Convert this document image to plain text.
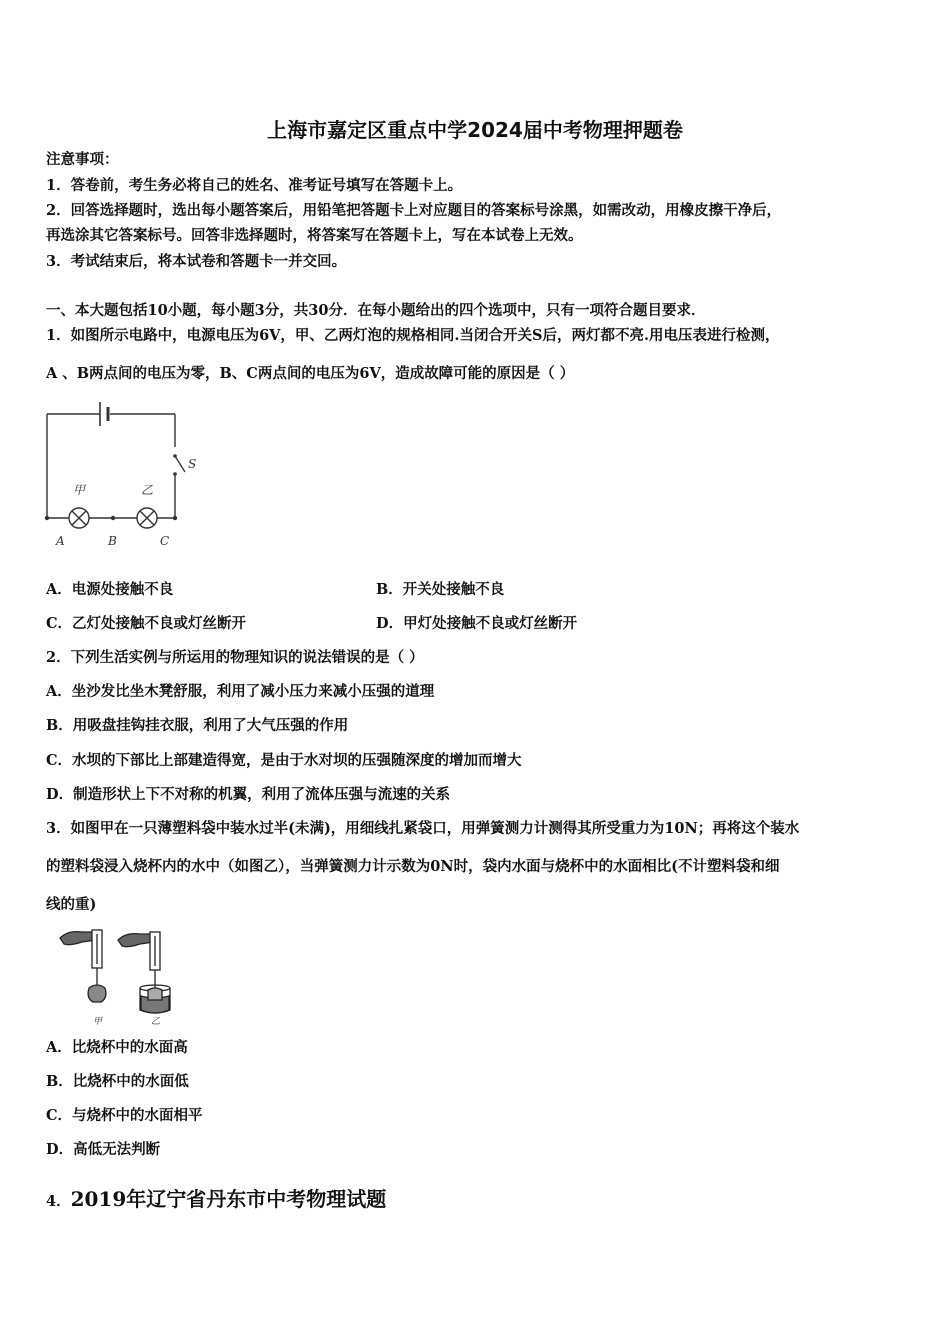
上海市嘉定区重点中学2024届中考物理押题卷
注意事项：
1．答卷前，考生务必将自己的姓名、准考证号填写在答题卡上。
2．回答选择题时，选出每小题答案后，用铅笔把答题卡上对应题目的答案标号涂黑，如需改动，用橡皮擦干净后，
再选涂其它答案标号。回答非选择题时，将答案写在答题卡上，写在本试卷上无效。
3．考试结束后，将本试卷和答题卡一并交回。
一、本大题包括10小题，每小题3分，共30分．在每小题给出的四个选项中，只有一项符合题目要求．
1．如图所示电路中，电源电压为6V，甲、乙两灯泡的规格相同.当闭合开关S后，两灯都不亮.用电压表进行检测，
A 、B两点间的电压为零，B、C两点间的电压为6V，造成故障可能的原因是（ ）
S
甲	乙
A	B	C
A．电源处接触不良	B．开关处接触不良
C．乙灯处接触不良或灯丝断开	D．甲灯处接触不良或灯丝断开
2．下列生活实例与所运用的物理知识的说法错误的是（ ）
A．坐沙发比坐木凳舒服，利用了减小压力来减小压强的道理
B．用吸盘挂钩挂衣服，利用了大气压强的作用
C．水坝的下部比上部建造得宽，是由于水对坝的压强随深度的增加而增大
D．制造形状上下不对称的机翼，利用了流体压强与流速的关系
3．如图甲在一只薄塑料袋中装水过半(未满)，用细线扎紧袋口，用弹簧测力计测得其所受重力为10N；再将这个装水
的塑料袋浸入烧杯内的水中（如图乙），当弹簧测力计示数为0N时，袋内水面与烧杯中的水面相比(不计塑料袋和细
线的重)
甲	乙
A．比烧杯中的水面高
B．比烧杯中的水面低
C．与烧杯中的水面相平
D．高低无法判断
4．2019年辽宁省丹东市中考物理试题
